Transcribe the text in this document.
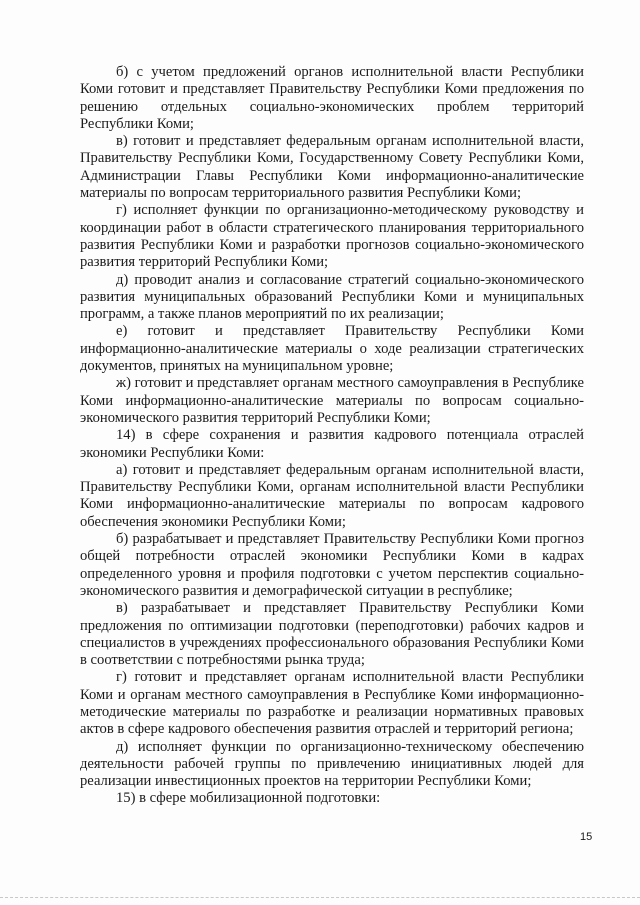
б) с учетом предложений органов исполнительной власти Республики Коми готовит и представляет Правительству Республики Коми предложения по решению отдельных социально-экономических проблем территорий Республики Коми;

в) готовит и представляет федеральным органам исполнительной власти, Правительству Республики Коми, Государственному Совету Республики Коми, Администрации Главы Республики Коми информационно-аналитические материалы по вопросам территориального развития Республики Коми;

г) исполняет функции по организационно-методическому руководству и координации работ в области стратегического планирования территориального развития Республики Коми и разработки прогнозов социально-экономического развития территорий Республики Коми;

д) проводит анализ и согласование стратегий социально-экономического развития муниципальных образований Республики Коми и муниципальных программ, а также планов мероприятий по их реализации;

е) готовит и представляет Правительству Республики Коми информационно-аналитические материалы о ходе реализации стратегических документов, принятых на муниципальном уровне;

ж) готовит и представляет органам местного самоуправления в Республике Коми информационно-аналитические материалы по вопросам социально-экономического развития территорий Республики Коми;

14) в сфере сохранения и развития кадрового потенциала отраслей экономики Республики Коми:

а) готовит и представляет федеральным органам исполнительной власти, Правительству Республики Коми, органам исполнительной власти Республики Коми информационно-аналитические материалы по вопросам кадрового обеспечения экономики Республики Коми;

б) разрабатывает и представляет Правительству Республики Коми прогноз общей потребности отраслей экономики Республики Коми в кадрах определенного уровня и профиля подготовки с учетом перспектив социально-экономического развития и демографической ситуации в республике;

в) разрабатывает и представляет Правительству Республики Коми предложения по оптимизации подготовки (переподготовки) рабочих кадров и специалистов в учреждениях профессионального образования Республики Коми в соответствии с потребностями рынка труда;

г) готовит и представляет органам исполнительной власти Республики Коми и органам местного самоуправления в Республике Коми информационно-методические материалы по разработке и реализации нормативных правовых актов в сфере кадрового обеспечения развития отраслей и территорий региона;

д) исполняет функции по организационно-техническому обеспечению деятельности рабочей группы по привлечению инициативных людей для реализации инвестиционных проектов на территории Республики Коми;

15) в сфере мобилизационной подготовки:

15
